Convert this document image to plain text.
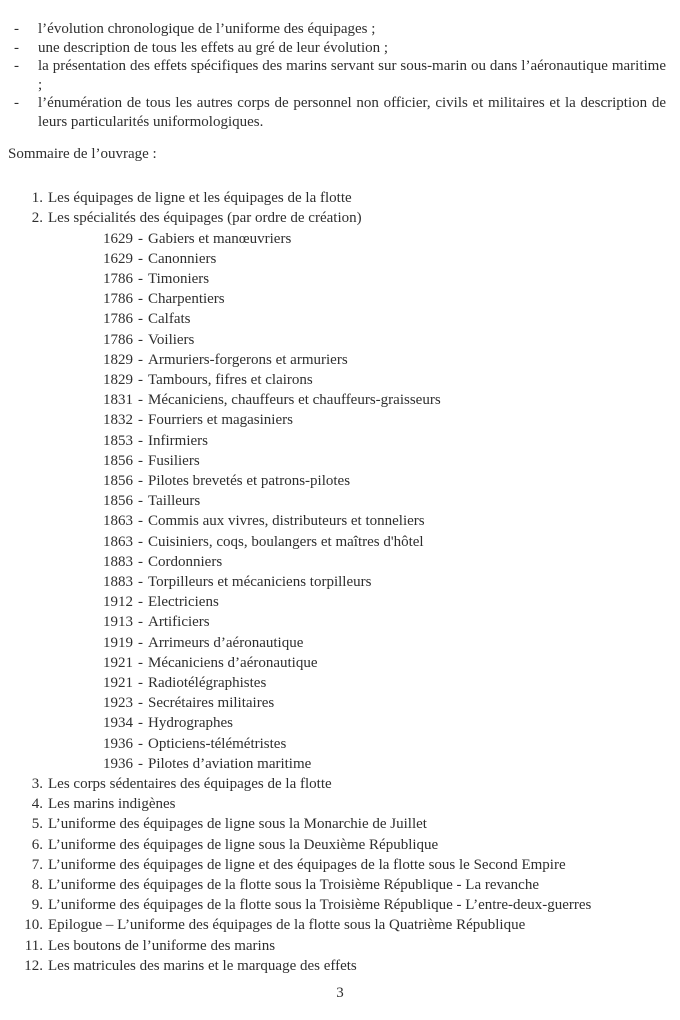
-	l’évolution chronologique de l’uniforme des équipages ;
-	une description de tous les effets au gré de leur évolution ;
-	la présentation des effets spécifiques des marins servant sur sous-marin ou dans l’aéronautique maritime ;
-	l’énumération de tous les autres corps de personnel non officier, civils et militaires et la description de leurs particularités uniformologiques.
Sommaire de l’ouvrage :
1. Les équipages de ligne et les équipages de la flotte
2. Les spécialités des équipages (par ordre de création)
1629 - Gabiers et manœuvriers
1629 - Canonniers
1786 - Timoniers
1786 - Charpentiers
1786 - Calfats
1786 - Voiliers
1829 - Armuriers-forgerons et armuriers
1829 - Tambours, fifres et clairons
1831 - Mécaniciens, chauffeurs et chauffeurs-graisseurs
1832 - Fourriers et magasiniers
1853 - Infirmiers
1856 - Fusiliers
1856 - Pilotes brevetés et patrons-pilotes
1856 - Tailleurs
1863 - Commis aux vivres, distributeurs et tonneliers
1863 - Cuisiniers, coqs, boulangers et maîtres d'hôtel
1883 - Cordonniers
1883 - Torpilleurs et mécaniciens torpilleurs
1912 - Electriciens
1913 - Artificiers
1919 - Arrimeurs d’aéronautique
1921 - Mécaniciens d’aéronautique
1921 - Radiotélégraphistes
1923 - Secrétaires militaires
1934 - Hydrographes
1936 - Opticiens-télémétristes
1936 - Pilotes d’aviation maritime
3. Les corps sédentaires des équipages de la flotte
4. Les marins indigènes
5. L’uniforme des équipages de ligne sous la Monarchie de Juillet
6. L’uniforme des équipages de ligne sous la Deuxième République
7. L’uniforme des équipages de ligne et des équipages de la flotte sous le Second Empire
8. L’uniforme des équipages de la flotte sous la Troisième République - La revanche
9. L’uniforme des équipages de la flotte sous la Troisième République - L’entre-deux-guerres
10. Epilogue – L’uniforme des équipages de la flotte sous la Quatrième République
11. Les boutons de l’uniforme des marins
12. Les matricules des marins et le marquage des effets
3
